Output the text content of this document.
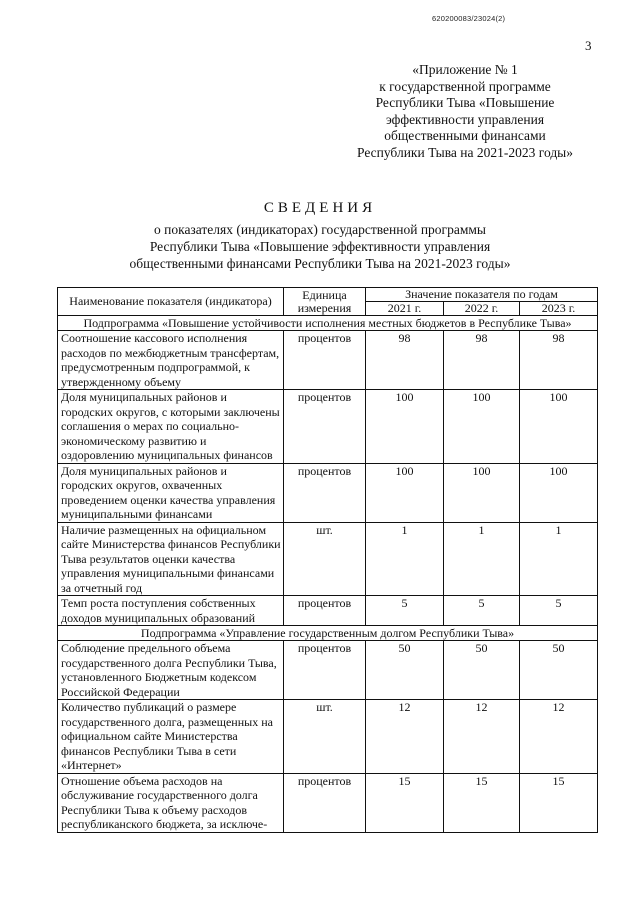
620200083/23024(2)
3
«Приложение № 1
к государственной программе
Республики Тыва «Повышение
эффективности управления
общественными финансами
Республики Тыва на 2021-2023 годы»
СВЕДЕНИЯ
о показателях (индикаторах) государственной программы
Республики Тыва «Повышение эффективности управления
общественными финансами Республики Тыва на 2021-2023 годы»
Наименование показателя (индикатора)	Единица измерения	Значение показателя по годам		
		2021 г.	2022 г.	2023 г.
Подпрограмма «Повышение устойчивости исполнения местных бюджетов в Республике Тыва»				
Соотношение кассового исполнения расходов по межбюджетным трансфертам, предусмотренным подпрограммой, к утвержденному объему	процентов	98	98	98
Доля муниципальных районов и городских округов, с которыми заключены соглашения о мерах по социально-экономическому развитию и оздоровлению муниципальных финансов	процентов	100	100	100
Доля муниципальных районов и городских округов, охваченных проведением оценки качества управления муниципальными финансами	процентов	100	100	100
Наличие размещенных на официальном сайте Министерства финансов Республики Тыва результатов оценки качества управления муниципальными финансами за отчетный год	шт.	1	1	1
Темп роста поступления собственных доходов муниципальных образований	процентов	5	5	5
Подпрограмма «Управление государственным долгом Республики Тыва»				
Соблюдение предельного объема государственного долга Республики Тыва, установленного Бюджетным кодексом Российской Федерации	процентов	50	50	50
Количество публикаций о размере государственного долга, размещенных на официальном сайте Министерства финансов Республики Тыва в сети «Интернет»	шт.	12	12	12
Отношение объема расходов на обслуживание государственного долга Республики Тыва к объему расходов республиканского бюджета, за исключе-	процентов	15	15	15
